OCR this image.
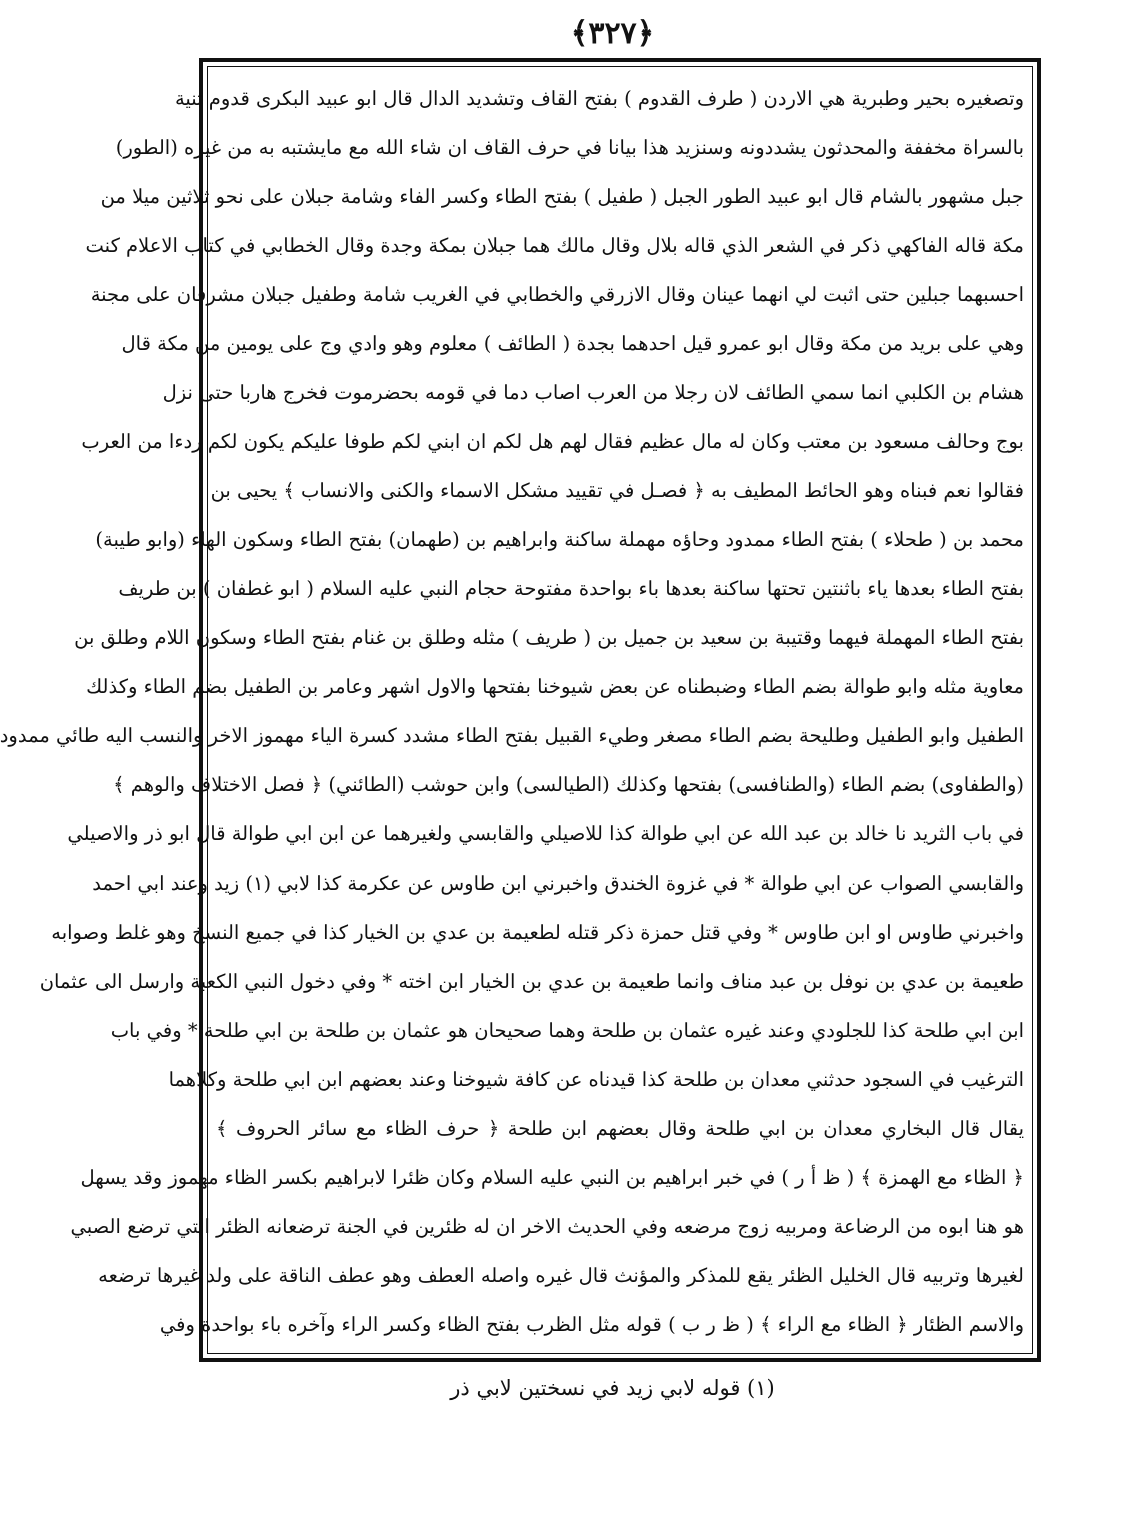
﴿٣٢٧﴾
وتصغيره بحير وطبرية هي الاردن ( طرف القدوم ) بفتح القاف وتشديد الدال قال ابو عبيد البكرى قدوم ثنية
بالسراة مخففة والمحدثون يشددونه وسنزيد هذا بيانا في حرف القاف ان شاء الله مع مايشتبه به من غيره (الطور)
جبل مشهور بالشام قال ابو عبيد الطور الجبل ( طفيل ) بفتح الطاء وكسر الفاء وشامة جبلان على نحو ثلاثين ميلا من
مكة قاله الفاكهي ذكر في الشعر الذي قاله بلال وقال مالك هما جبلان بمكة وجدة وقال الخطابي في كتاب الاعلام كنت
احسبهما جبلين حتى اثبت لي انهما عينان وقال الازرقي والخطابي في الغريب شامة وطفيل جبلان مشرفان على مجنة
وهي على بريد من مكة وقال ابو عمرو قيل احدهما بجدة ( الطائف ) معلوم وهو وادي وج على يومين من مكة قال
هشام بن الكلبي انما سمي الطائف لان رجلا من العرب اصاب دما في قومه بحضرموت فخرج هاربا حتى نزل
بوج وحالف مسعود بن معتب وكان له مال عظيم فقال لهم هل لكم ان ابني لكم طوفا عليكم يكون لكم ردءا من العرب
فقالوا نعم فبناه وهو الحائط المطيف به ﴿ فصـل في تقييد مشكل الاسماء والكنى والانساب ﴾ يحيى بن
محمد بن ( طحلاء ) بفتح الطاء ممدود وحاؤه مهملة ساكنة وابراهيم بن (طهمان) بفتح الطاء وسكون الهاء (وابو طيبة)
بفتح الطاء بعدها ياء باثنتين تحتها ساكنة بعدها باء بواحدة مفتوحة حجام النبي عليه السلام ( ابو غطفان ) بن طريف
بفتح الطاء المهملة فيهما وقتيبة بن سعيد بن جميل بن ( طريف ) مثله وطلق بن غنام بفتح الطاء وسكون اللام وطلق بن
معاوية مثله وابو طوالة بضم الطاء وضبطناه عن بعض شيوخنا بفتحها والاول اشهر وعامر بن الطفيل بضم الطاء وكذلك
الطفيل وابو الطفيل وطليحة بضم الطاء مصغر وطيء القبيل بفتح الطاء مشدد كسرة الياء مهموز الاخر والنسب اليه طائي ممدود
(والطفاوى) بضم الطاء (والطنافسى) بفتحها وكذلك (الطيالسى) وابن حوشب (الطائني) ﴿ فصل الاختلاف والوهم ﴾
في باب الثريد نا خالد بن عبد الله عن ابي طوالة كذا للاصيلي والقابسي ولغيرهما عن ابن ابي طوالة قال ابو ذر والاصيلي
والقابسي الصواب عن ابي طوالة * في غزوة الخندق واخبرني ابن طاوس عن عكرمة كذا لابي (١) زيد وعند ابي احمد
واخبرني طاوس او ابن طاوس * وفي قتل حمزة ذكر قتله لطعيمة بن عدي بن الخيار كذا في جميع النسخ وهو غلط وصوابه
طعيمة بن عدي بن نوفل بن عبد مناف وانما طعيمة بن عدي بن الخيار ابن اخته * وفي دخول النبي الكعبة وارسل الى عثمان
ابن ابي طلحة كذا للجلودي وعند غيره عثمان بن طلحة وهما صحيحان هو عثمان بن طلحة بن ابي طلحة * وفي باب
الترغيب في السجود حدثني معدان بن طلحة كذا قيدناه عن كافة شيوخنا وعند بعضهم ابن ابي طلحة وكلاهما
يقال قال البخاري معدان بن ابي طلحة وقال بعضهم ابن طلحة ﴿ حرف الظاء مع سائر الحروف ﴾
﴿ الظاء مع الهمزة ﴾ ( ظ أ ر ) في خبر ابراهيم بن النبي عليه السلام وكان ظئرا لابراهيم بكسر الظاء مهموز وقد يسهل
هو هنا ابوه من الرضاعة ومربيه زوج مرضعه وفي الحديث الاخر ان له ظئرين في الجنة ترضعانه الظئر التي ترضع الصبي
لغيرها وتربيه قال الخليل الظئر يقع للمذكر والمؤنث قال غيره واصله العطف وهو عطف الناقة على ولد غيرها ترضعه
والاسم الظئار ﴿ الظاء مع الراء ﴾ ( ظ ر ب ) قوله مثل الظرب بفتح الظاء وكسر الراء وآخره باء بواحدة وفي
(١) قوله لابي زيد في نسختين لابي ذر
